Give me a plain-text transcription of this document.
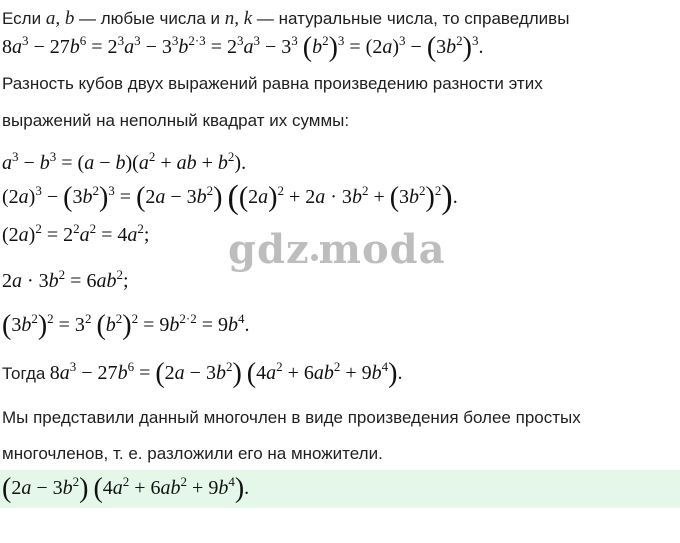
Если a, b — любые числа и n, k — натуральные числа, то справедливы
$8a^3 - 27b^6 = 2^3a^3 - 3^3b^{2\cdot 3} = 2^3a^3 - 3^3$ $(b^2)^3 = (2a)^3 - (3b^2)^3$.
Разность кубов двух выражений равна произведению разности этих
выражений на неполный квадрат их суммы:
$a^3 - b^3 = (a - b)(a^2$ + ab + $b^2$).
$(2a)^3 - (3b^2)^3 = (2a - 3b^2) ((2a)^2 + 2a \cdot 3b^2 + (3b^2)^2)$.
$(2a)^2 = 2^2a^2 = 4a^2$; gdz moda
$2a \cdot 3b^2 = 6ab^2$;
$(3b^2)^2 = 3^2$ $(b^2)^2 = 9b^{2\cdot 2} = 9b^4$.
Тогда $8a^3 - 27b^6 = (2a - 3b^2) (4a^2 + 6ab^2 + 9b^4)$.
Мы представили данный многочлен в виде произведения более простых
многочленов, т. е. разложили его на множители.
$(2a - 3b^2)$ $(4a^2 + 6ab^2 + 9b^4)$.
